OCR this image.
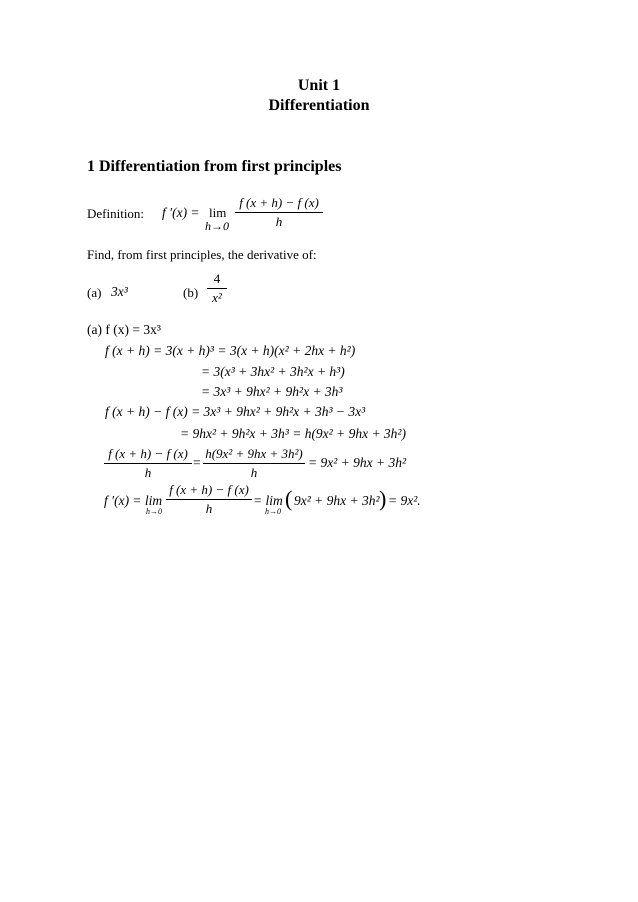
Unit 1
Differentiation
1 Differentiation from first principles
Definition: f ′(x) = lim
h→0
f (x + h) − f (x)
h
Find, from first principles, the derivative of:
(a) 3x³	(b)
4
x²
(a) f (x) = 3x³
f (x + h) = 3(x + h)³ = 3(x + h)(x² + 2hx + h²)
= 3(x³ + 3hx² + 3h²x + h³)
= 3x³ + 9hx² + 9h²x + 3h³
f (x + h) − f (x) = 3x³ + 9hx² + 9h²x + 3h³ − 3x³
= 9hx² + 9h²x + 3h³ = h(9x² + 9hx + 3h²)
f (x + h) − f (x)
h
=
h(9x² + 9hx + 3h²)
h
= 9x² + 9hx + 3h²
f ′(x) = lim
h→0
f (x + h) − f (x)
h
= lim
h→0
( 9x² + 9hx + 3h² ) = 9x².
